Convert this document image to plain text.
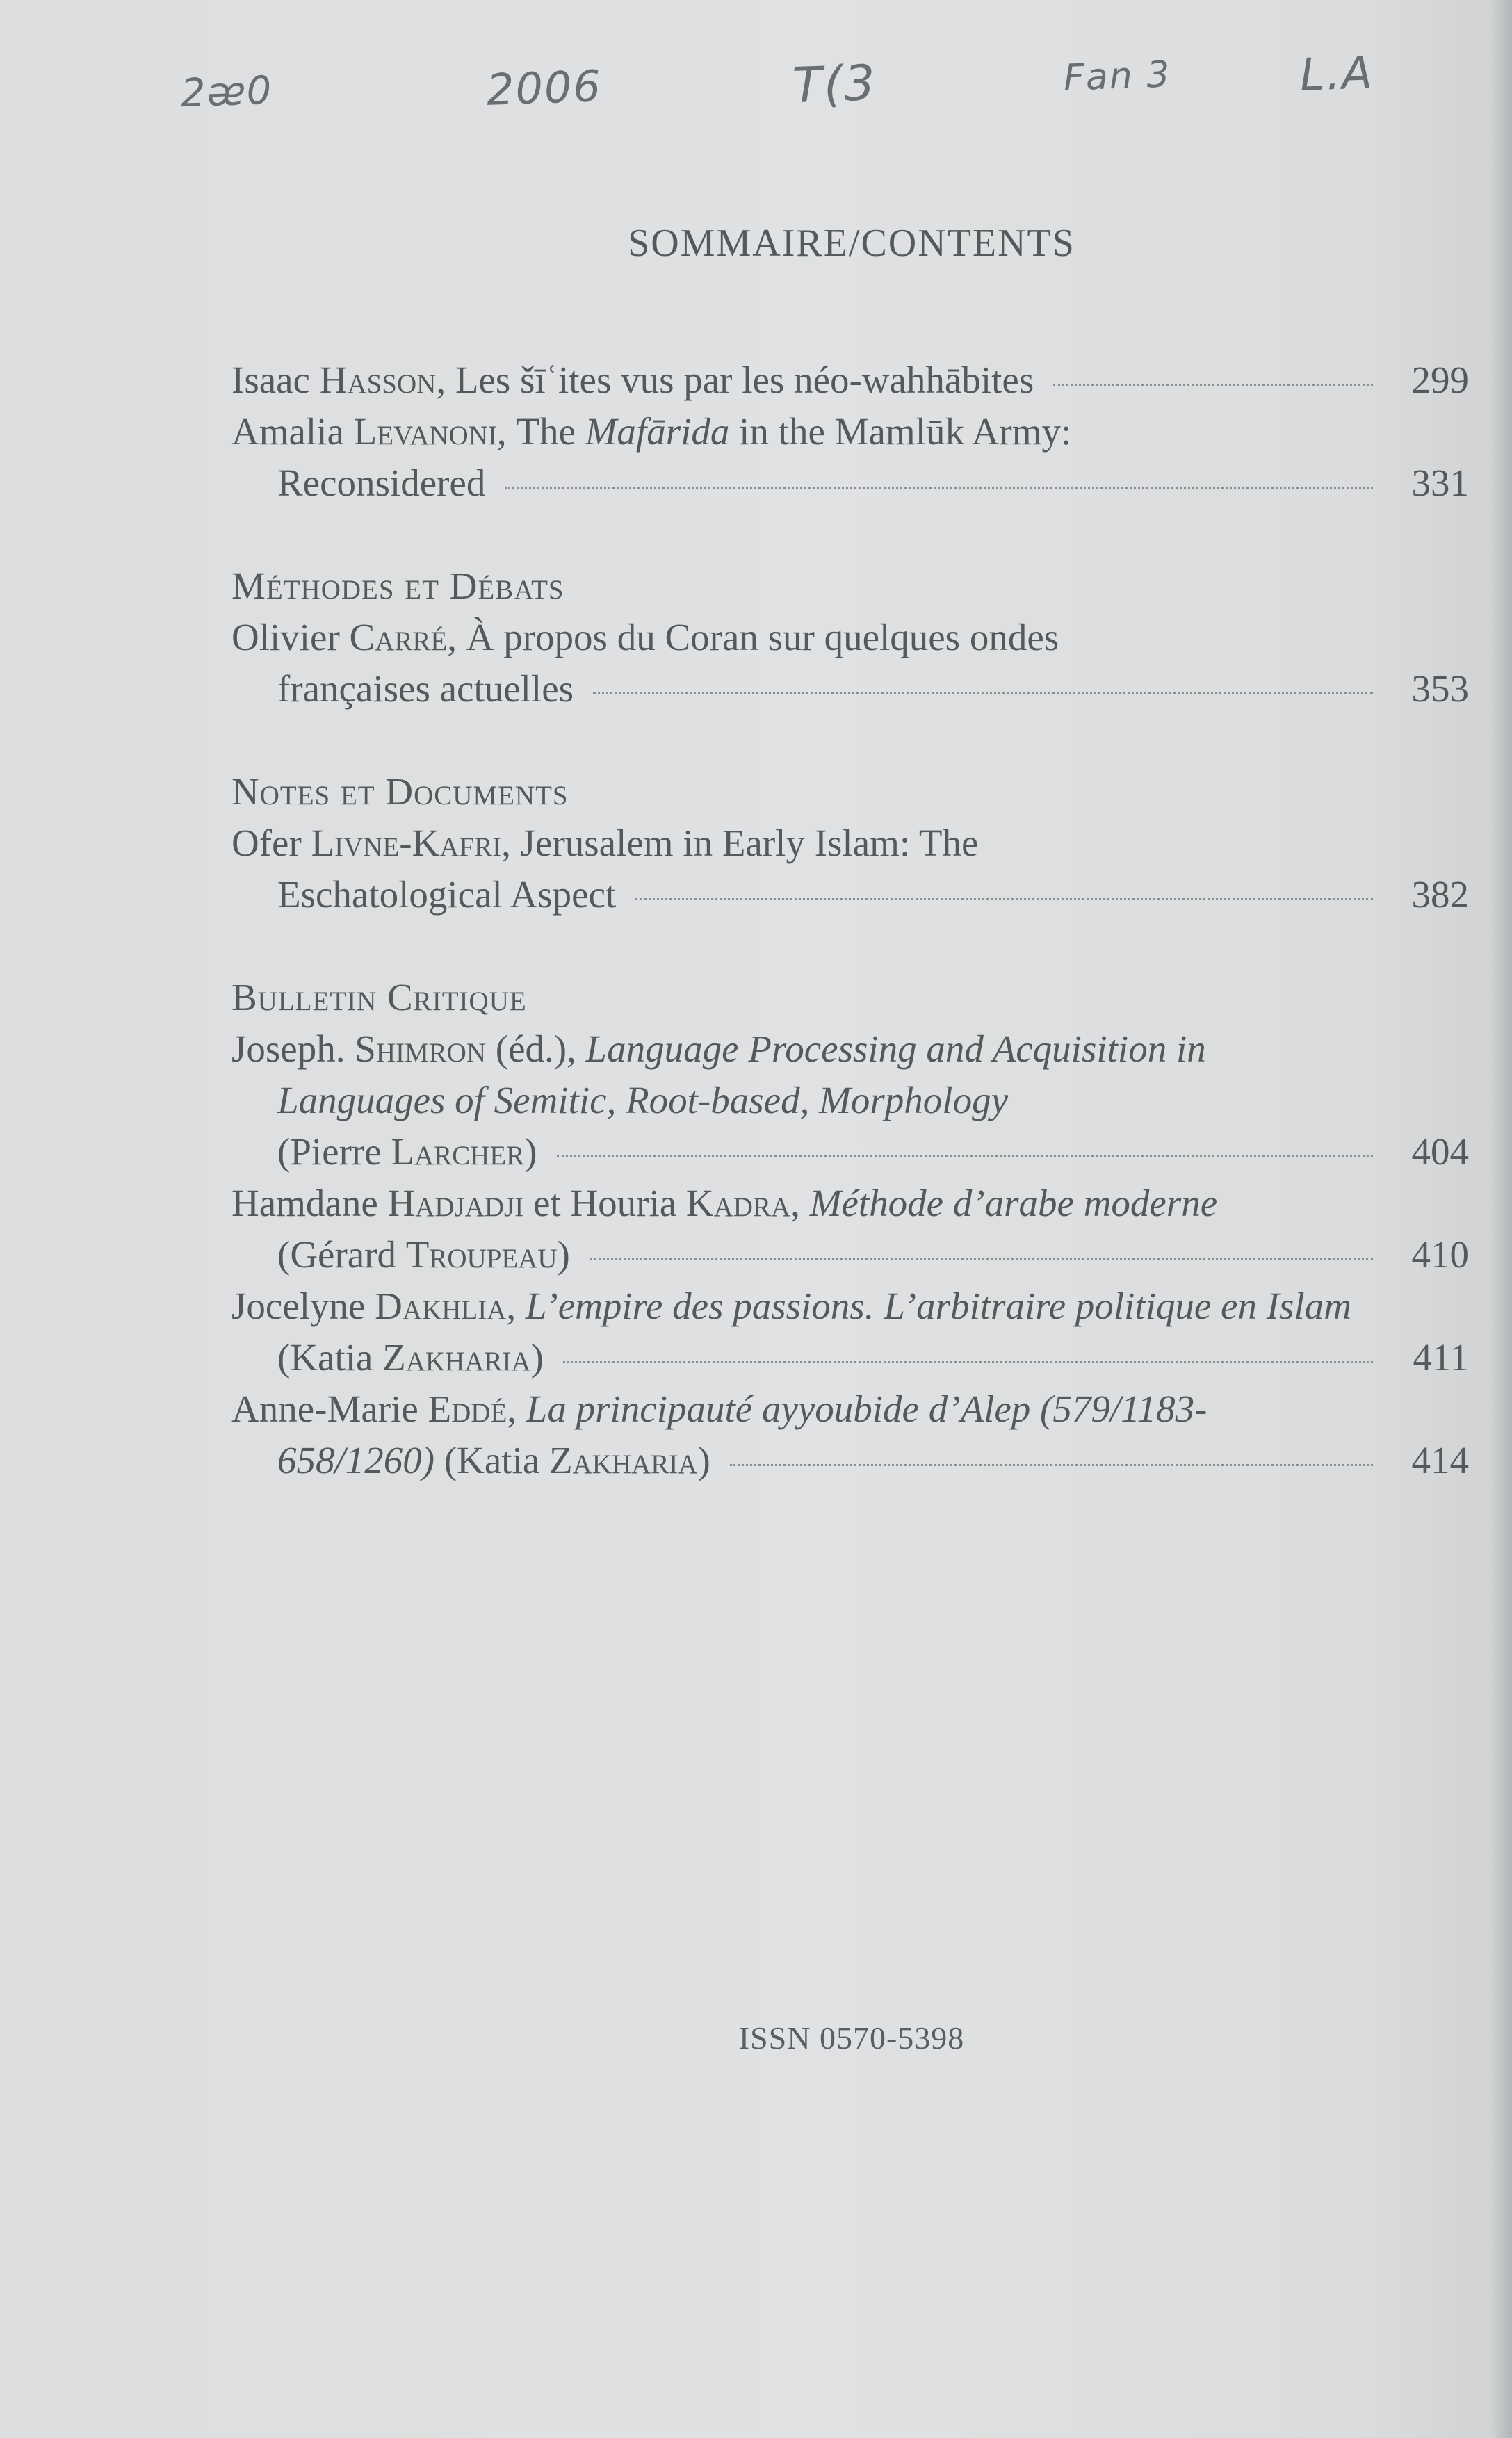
2ᴂ0	2006	T(3	Fan 3	L.A
SOMMAIRE/CONTENTS
Isaac
Hasson , Les šīʿites vus par les néo-wahhābites	299
Amalia Levanoni, The Mafārida in the Mamlūk Army:
Reconsidered	331
Méthodes et Débats
Olivier
Carré , À propos du Coran sur quelques ondes
françaises actuelles	353
Notes et Documents
Ofer
Livne-Kafri , Jerusalem in Early Islam: The
Eschatological Aspect	382
Bulletin Critique
Joseph.
Shimron
(éd.),
Language Processing and Acquisition in
Languages of Semitic, Root-based, Morphology
(Pierre
Larcher )	404
Hamdane
Hadjadji
et
Houria
Kadra,
Méthode d’arabe moderne
(Gérard
Troupeau )	410
Jocelyne
Dakhlia,
L’empire des passions. L’arbitraire politique en Islam
(Katia
Zakharia )	411
Anne-Marie
Eddé,
La principauté ayyoubide d’Alep (579/1183-
658/1260)
(Katia
Zakharia )	414
ISSN 0570-5398
